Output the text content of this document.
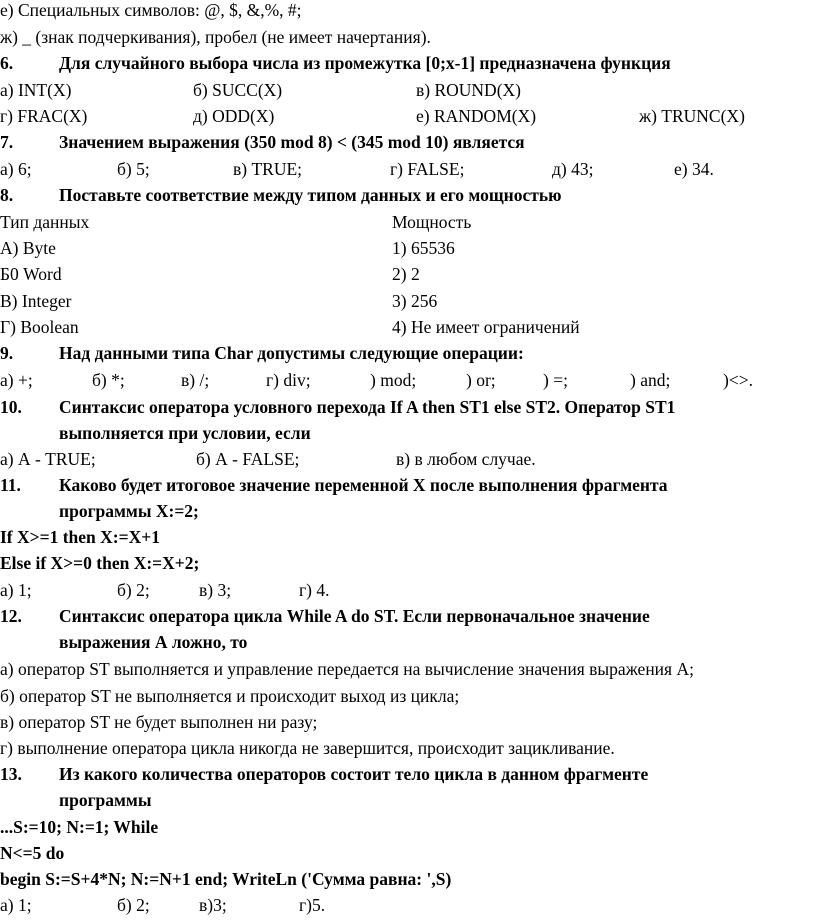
е) Специальных символов: @, $, &,%, #;
ж) _ (знак подчеркивания), пробел (не имеет начертания).
6.	Для случайного выбора числа из промежутка [0;x-1] предназначена функция
а) INT(X)	б) SUCC(X)	в) ROUND(X)
г) FRAC(X)	д) ODD(X)	е) RANDOM(X)	ж) TRUNC(X)
7.	Значением выражения (350 mod 8) < (345 mod 10) является
а) 6;	б) 5;	в) TRUE;	г) FALSE;	д) 43;	е) 34.
8.	Поставьте соответствие между типом данных и его мощностью
Тип данных	Мощность
А) Byte	1) 65536
Б0 Word	2) 2
В) Integer	3) 256
Г) Boolean	4) Не имеет ограничений
9.	Над данными типа Char допустимы следующие операции:
а) +;	б) *;	в) /;	г) div;	) mod;	) or;	) =;	) and;	)<>.
10. Синтаксис оператора условного перехода If A then ST1 else ST2. Оператор ST1
выполняется при условии, если
а) А - TRUE;	б) А - FALSE;	в) в любом случае.
11. Каково будет итоговое значение переменной Х после выполнения фрагмента
программы X:=2;
If X>=1 then X:=X+1
Else if X>=0 then X:=X+2;
а) 1;	б) 2;	в) 3;	г) 4.
12. Синтаксис оператора цикла While A do ST. Если первоначальное значение
выражения А ложно, то
а) оператор ST выполняется и управление передается на вычисление значения выражения А;
б) оператор ST не выполняется и происходит выход из цикла;
в) оператор ST не будет выполнен ни разу;
г) выполнение оператора цикла никогда не завершится, происходит зацикливание.
13. Из какого количества операторов состоит тело цикла в данном фрагменте
программы
...S:=10; N:=1; While
N<=5 do
begin S:=S+4*N; N:=N+1 end; WriteLn ('Сумма равна: ',S)
а) 1;	б) 2;	в)3;	г)5.
